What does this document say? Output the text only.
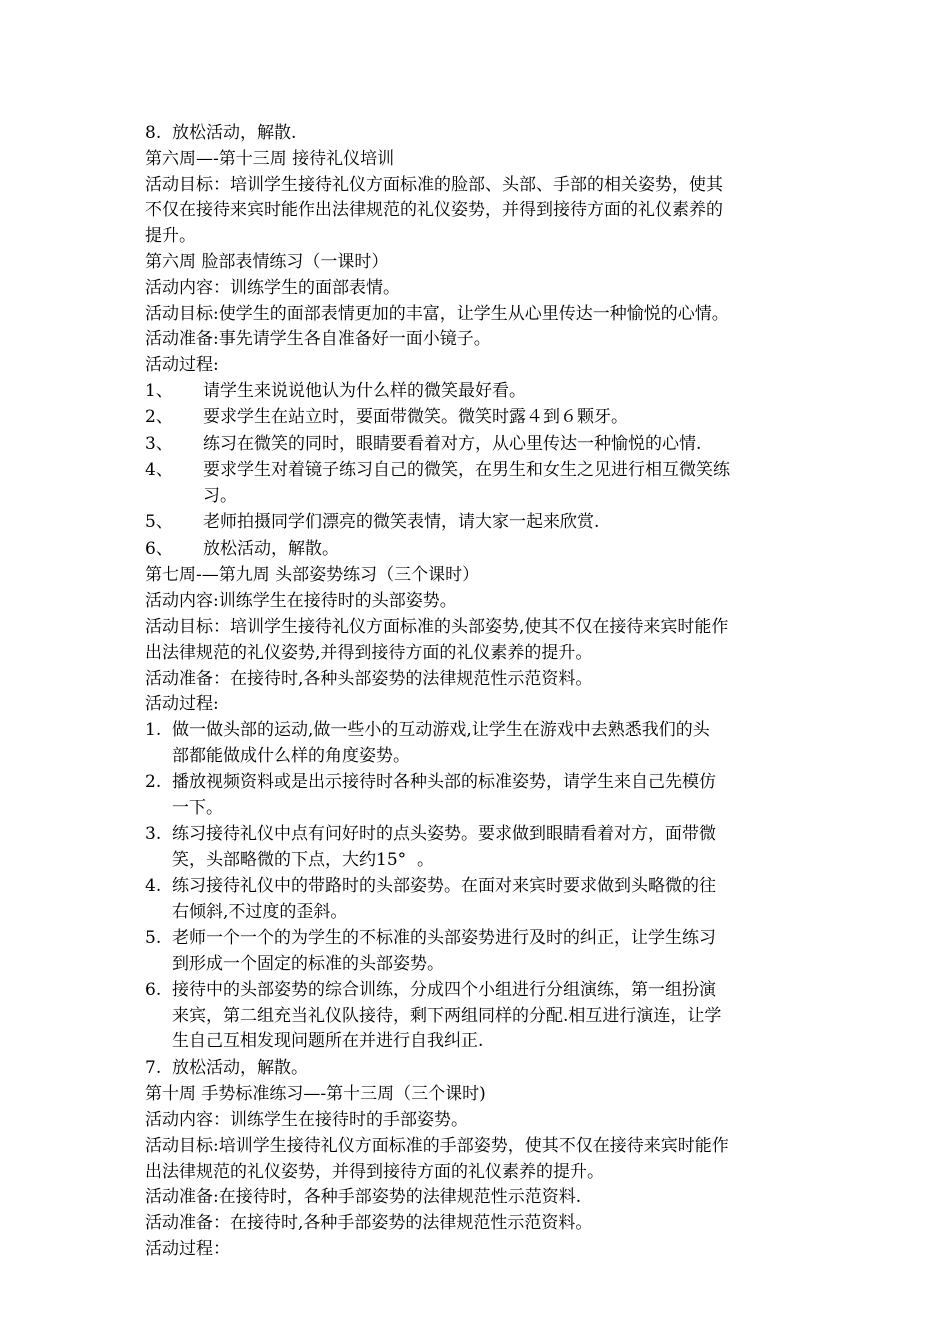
8.  放松活动，解散.
第六周—-第十三周 接待礼仪培训
活动目标：培训学生接待礼仪方面标准的脸部、头部、手部的相关姿势，使其
不仅在接待来宾时能作出法律规范的礼仪姿势，并得到接待方面的礼仪素养的
提升。
第六周 脸部表情练习（一课时）
活动内容：训练学生的面部表情。
活动目标:使学生的面部表情更加的丰富，让学生从心里传达一种愉悦的心情。
活动准备:事先请学生各自准备好一面小镜子。
活动过程:
1、	请学生来说说他认为什么样的微笑最好看。
2、	要求学生在站立时，要面带微笑。微笑时露４到６颗牙。
3、	练习在微笑的同时，眼睛要看着对方，从心里传达一种愉悦的心情.
4、	要求学生对着镜子练习自己的微笑，在男生和女生之见进行相互微笑练
习。
5、	老师拍摄同学们漂亮的微笑表情，请大家一起来欣赏.
6、	放松活动，解散。
第七周-—第九周 头部姿势练习（三个课时）
活动内容:训练学生在接待时的头部姿势。
活动目标：培训学生接待礼仪方面标准的头部姿势,使其不仅在接待来宾时能作
出法律规范的礼仪姿势,并得到接待方面的礼仪素养的提升。
活动准备：在接待时,各种头部姿势的法律规范性示范资料。
活动过程:
1. 做一做头部的运动,做一些小的互动游戏,让学生在游戏中去熟悉我们的头
部都能做成什么样的角度姿势。
2. 播放视频资料或是出示接待时各种头部的标准姿势，请学生来自己先模仿
一下。
3. 练习接待礼仪中点有问好时的点头姿势。要求做到眼睛看着对方，面带微
笑，头部略微的下点，大约15°  。
4. 练习接待礼仪中的带路时的头部姿势。在面对来宾时要求做到头略微的往
右倾斜,不过度的歪斜。
5. 老师一个一个的为学生的不标准的头部姿势进行及时的纠正，让学生练习
到形成一个固定的标准的头部姿势。
6. 接待中的头部姿势的综合训练，分成四个小组进行分组演练，第一组扮演
来宾，第二组充当礼仪队接待，剩下两组同样的分配.相互进行演连，让学
生自己互相发现问题所在并进行自我纠正.
7. 放松活动，解散。
第十周 手势标准练习—-第十三周（三个课时)
活动内容：训练学生在接待时的手部姿势。
活动目标:培训学生接待礼仪方面标准的手部姿势，使其不仅在接待来宾时能作
出法律规范的礼仪姿势，并得到接待方面的礼仪素养的提升。
活动准备:在接待时，各种手部姿势的法律规范性示范资料.
活动准备：在接待时,各种手部姿势的法律规范性示范资料。
活动过程：
